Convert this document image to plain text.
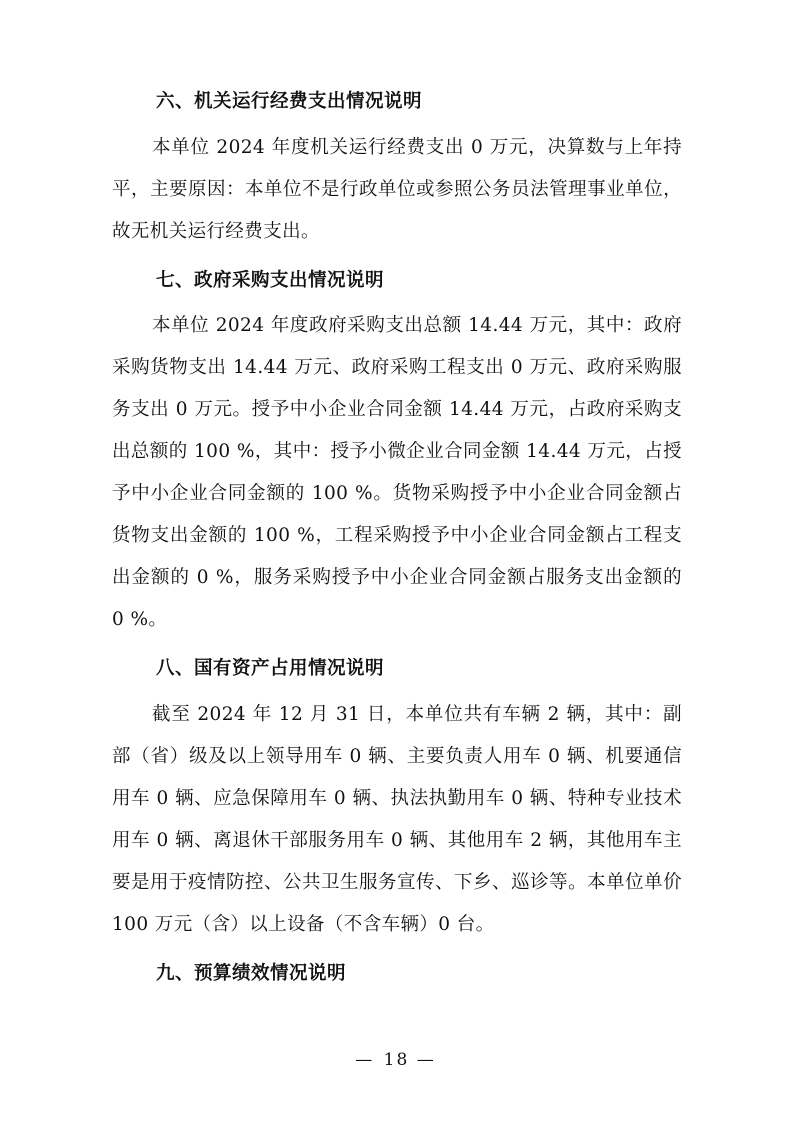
六、机关运行经费支出情况说明

本单位 2024 年度机关运行经费支出 0 万元，决算数与上年持平，主要原因：本单位不是行政单位或参照公务员法管理事业单位，故无机关运行经费支出。

七、政府采购支出情况说明

本单位 2024 年度政府采购支出总额 14.44 万元，其中：政府采购货物支出 14.44 万元、政府采购工程支出 0 万元、政府采购服务支出 0 万元。授予中小企业合同金额 14.44 万元，占政府采购支出总额的 100 %，其中：授予小微企业合同金额 14.44 万元，占授予中小企业合同金额的 100 %。货物采购授予中小企业合同金额占货物支出金额的 100 %，工程采购授予中小企业合同金额占工程支出金额的 0 %，服务采购授予中小企业合同金额占服务支出金额的 0 %。

八、国有资产占用情况说明

截至 2024 年 12 月 31 日，本单位共有车辆 2 辆，其中：副部（省）级及以上领导用车 0 辆、主要负责人用车 0 辆、机要通信用车 0 辆、应急保障用车 0 辆、执法执勤用车 0 辆、特种专业技术用车 0 辆、离退休干部服务用车 0 辆、其他用车 2 辆，其他用车主要是用于疫情防控、公共卫生服务宣传、下乡、巡诊等。本单位单价 100 万元（含）以上设备（不含车辆）0 台。

九、预算绩效情况说明
— 18 —
